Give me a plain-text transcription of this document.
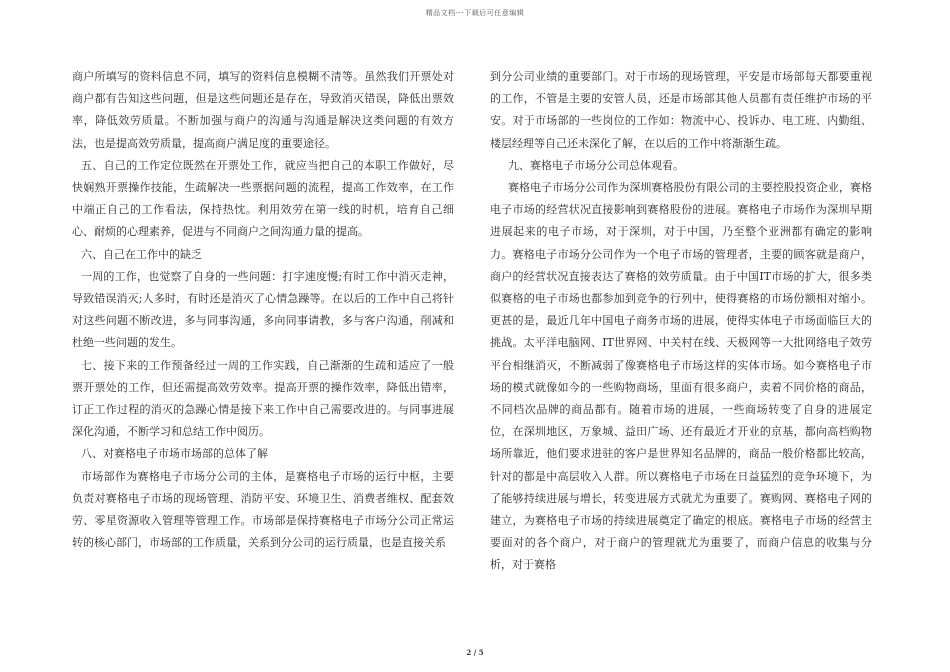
精品文档---下载后可任意编辑

商户所填写的资料信息不同，填写的资料信息模糊不清等。虽然我们开票处对商户都有告知这些问题，但是这些问题还是存在，导致消灭错误，降低出票效率，降低效劳质量。不断加强与商户的沟通与沟通是解决这类问题的有效方法，也是提高效劳质量，提高商户满足度的重要途径。

五、自己的工作定位既然在开票处工作，就应当把自己的本职工作做好，尽快娴熟开票操作技能，生疏解决一些票据问题的流程，提高工作效率，在工作中端正自己的工作看法，保持热忱。利用效劳在第一线的时机，培育自己细心、耐烦的心理素养，促进与不同商户之间沟通力量的提高。

六、自己在工作中的缺乏

一周的工作，也觉察了自身的一些问题：打字速度慢;有时工作中消灭走神，导致错误消灭;人多时，有时还是消灭了心情急躁等。在以后的工作中自己将针对这些问题不断改进，多与同事沟通，多向同事请教，多与客户沟通，削减和杜绝一些问题的发生。

七、接下来的工作预备经过一周的工作实践，自己渐渐的生疏和适应了一般票开票处的工作，但还需提高效劳效率。提高开票的操作效率，降低出错率，订正工作过程的消灭的急躁心情是接下来工作中自己需要改进的。与同事进展深化沟通，不断学习和总结工作中阅历。

八、对赛格电子市场市场部的总体了解

市场部作为赛格电子市场分公司的主体，是赛格电子市场的运行中枢，主要负责对赛格电子市场的现场管理、消防平安、环境卫生、消费者维权、配套效劳、零星资源收入管理等管理工作。市场部是保持赛格电子市场分公司正常运转的核心部门，市场部的工作质量，关系到分公司的运行质量，也是直接关系

到分公司业绩的重要部门。对于市场的现场管理，平安是市场部每天都要重视的工作，不管是主要的安管人员，还是市场部其他人员都有责任维护市场的平安。对于市场部的一些岗位的工作如：物流中心、投诉办、电工班、内勤组、楼层经理等自己还未深化了解，在以后的工作中将渐渐生疏。

九、赛格电子市场分公司总体观看。

赛格电子市场分公司作为深圳赛格股份有限公司的主要控股投资企业，赛格电子市场的经营状况直接影响到赛格股份的进展。赛格电子市场作为深圳早期进展起来的电子市场，对于深圳，对于中国，乃至整个亚洲都有确定的影响力。赛格电子市场分公司作为一个电子市场的管理者，主要的顾客就是商户，商户的经营状况直接表达了赛格的效劳质量。由于中国IT市场的扩大，很多类似赛格的电子市场也都参加到竞争的行列中，使得赛格的市场份额相对缩小。更甚的是，最近几年中国电子商务市场的进展，使得实体电子市场面临巨大的挑战。太平洋电脑网、IT世界网、中关村在线、天极网等一大批网络电子效劳平台相继消灭，不断减弱了像赛格电子市场这样的实体市场。如今赛格电子市场的模式就像如今的一些购物商场，里面有很多商户，卖着不同价格的商品，不同档次品牌的商品都有。随着市场的进展，一些商场转变了自身的进展定位，在深圳地区，万象城、益田广场、还有最近才开业的京基，都向高档购物场所靠近，他们要求进驻的客户是世界知名品牌的，商品一般价格都比较高，针对的都是中高层收入人群。所以赛格电子市场在日益猛烈的竞争环境下，为了能够持续进展与增长，转变进展方式就尤为重要了。赛购网、赛格电子网的建立，为赛格电子市场的持续进展奠定了确定的根底。赛格电子市场的经营主要面对的各个商户，对于商户的管理就尤为重要了，而商户信息的收集与分析，对于赛格

2 / 5
